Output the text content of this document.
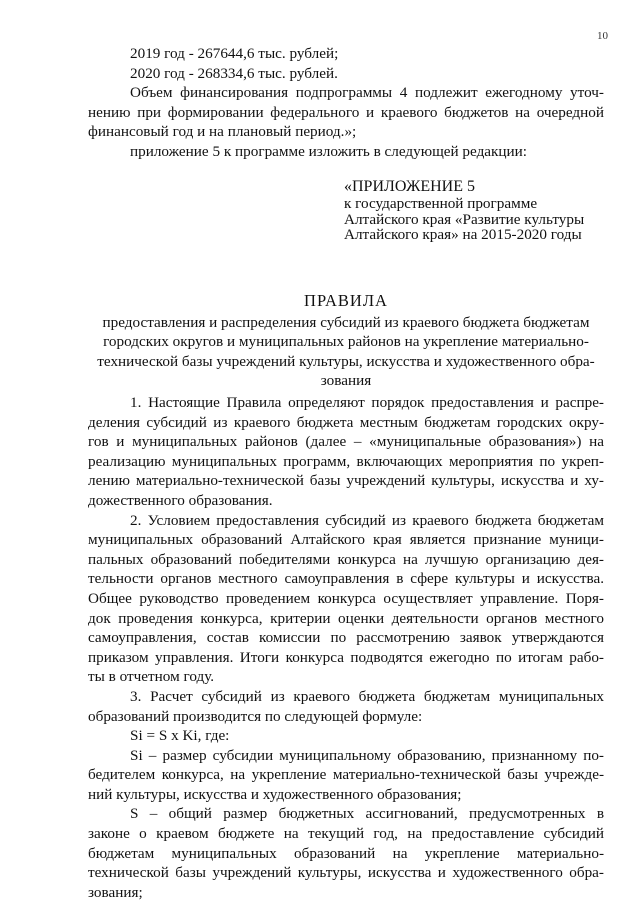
10
2019 год - 267644,6 тыс. рублей;
2020 год - 268334,6 тыс. рублей.
Объем финансирования подпрограммы 4 подлежит ежегодному уточ-
нению при формировании федерального и краевого бюджетов на очередной
финансовый год и на плановый период.»;
приложение 5 к программе изложить в следующей редакции:
«ПРИЛОЖЕНИЕ 5
к государственной программе
Алтайского края «Развитие культуры
Алтайского края» на 2015-2020 годы
ПРАВИЛА
предоставления и распределения субсидий из краевого бюджета бюджетам
городских округов и муниципальных районов на укрепление материально-
технической базы учреждений культуры, искусства и художественного обра-
зования
1. Настоящие Правила определяют порядок предоставления и распре-
деления субсидий из краевого бюджета местным бюджетам городских окру-
гов и муниципальных районов (далее – «муниципальные образования») на
реализацию муниципальных программ, включающих мероприятия по укреп-
лению материально-технической базы учреждений культуры, искусства и ху-
дожественного образования.
2. Условием предоставления субсидий из краевого бюджета бюджетам
муниципальных образований Алтайского края является признание муници-
пальных образований победителями конкурса на лучшую организацию дея-
тельности органов местного самоуправления в сфере культуры и искусства.
Общее руководство проведением конкурса осуществляет управление. Поря-
док проведения конкурса, критерии оценки деятельности органов местного
самоуправления, состав комиссии по рассмотрению заявок утверждаются
приказом управления. Итоги конкурса подводятся ежегодно по итогам рабо-
ты в отчетном году.
3. Расчет субсидий из краевого бюджета бюджетам муниципальных
образований производится по следующей формуле:
Si = S x Ki, где:
Si – размер субсидии муниципальному образованию, признанному по-
бедителем конкурса, на укрепление материально-технической базы учрежде-
ний культуры, искусства и художественного образования;
S – общий размер бюджетных ассигнований, предусмотренных в
законе о краевом бюджете на текущий год, на предоставление субсидий
бюджетам муниципальных образований на укрепление материально-
технической базы учреждений культуры, искусства и художественного обра-
зования;
